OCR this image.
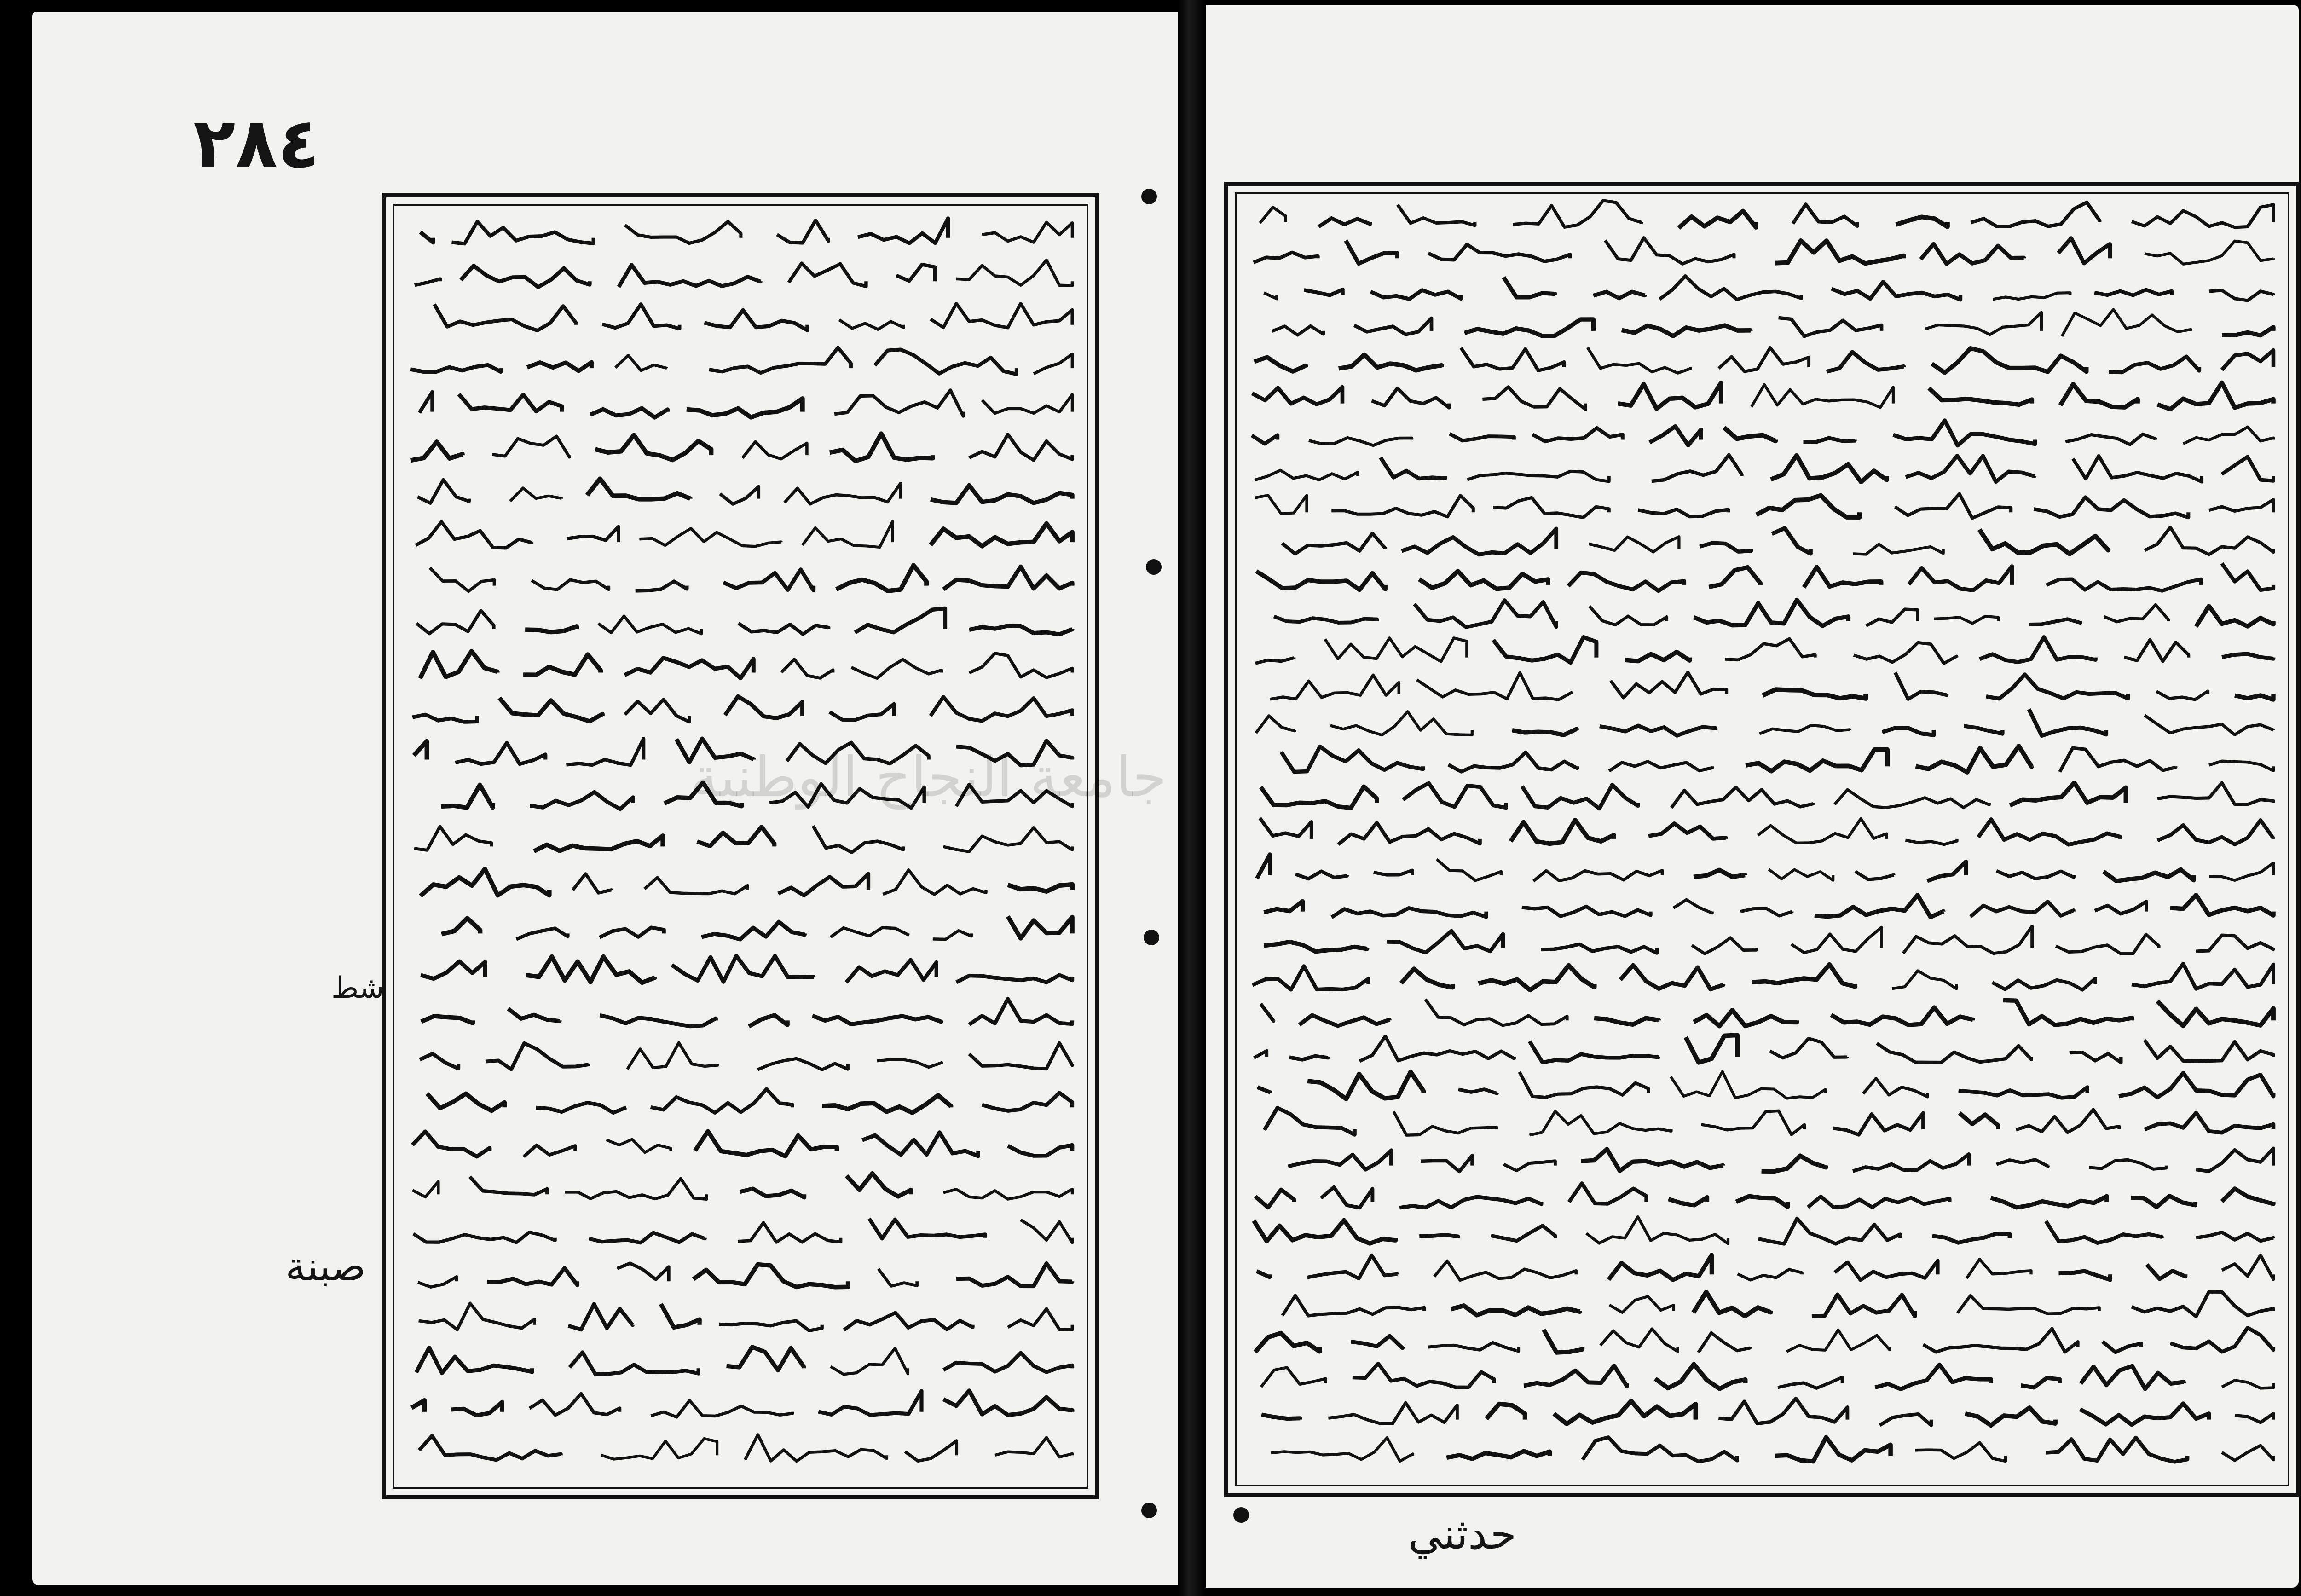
٢٨٤
شط
صبنة
حدثني
جامعة النجاح الوطنية
